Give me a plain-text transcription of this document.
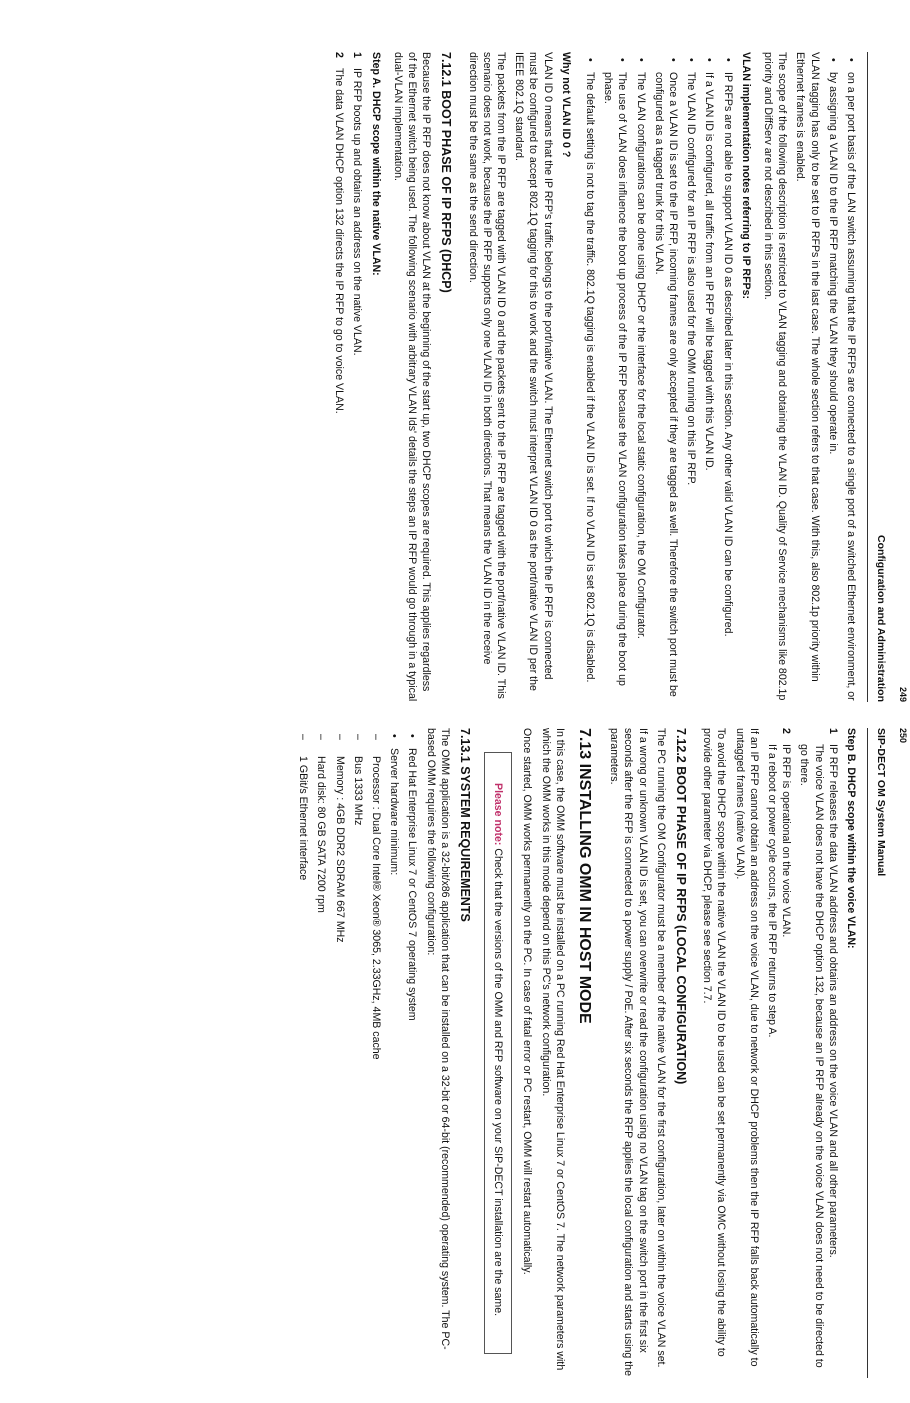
Configuration and Administration 249
• on a per port basis of the LAN switch assuming that the IP RFPs are connected to a single port of a switched Ethernet environment, or
• by assigning a VLAN ID to the IP RFP matching the VLAN they should operate in.

VLAN tagging has only to be set to IP RFPs in the last case. The whole section refers to that case. With this, also 802.1p priority within Ethernet frames is enabled.

The scope of the following description is restricted to VLAN tagging and obtaining the VLAN ID. Quality of Service mechanisms like 802.1p priority and DiffServ are not described in this section.

VLAN implementation notes referring to IP RFPs:

• IP RFPs are not able to support VLAN ID 0 as described later in this section. Any other valid VLAN ID can be configured.
• If a VLAN ID is configured, all traffic from an IP RFP will be tagged with this VLAN ID.
• The VLAN ID configured for an IP RFP is also used for the OMM running on this IP RFP.
• Once a VLAN ID is set to the IP RFP, incoming frames are only accepted if they are tagged as well. Therefore the switch port must be configured as a tagged trunk for this VLAN.
• The VLAN configurations can be done using DHCP or the interface for the local static configuration, the OM Configurator.
• The use of VLAN does influence the boot up process of the IP RFP because the VLAN configuration takes place during the boot up phase.
• The default setting is not to tag the traffic. 802.1Q tagging is enabled if the VLAN ID is set. If no VLAN ID is set 802.1Q is disabled.

Why not VLAN ID 0 ?

VLAN ID 0 means that the IP RFP's traffic belongs to the port/native VLAN. The Ethernet switch port to which the IP RFP is connected must be configured to accept 802.1Q tagging for this to work and the switch must interpret VLAN ID 0 as the port/native VLAN ID per the IEEE 802.1Q standard.

The packets from the IP RFP are tagged with VLAN ID 0 and the packets sent to the IP RFP are tagged with the port/native VLAN ID. This scenario does not work, because the IP RFP supports only one VLAN ID in both directions. That means the VLAN ID in the receive direction must be the same as the send direction.

7.12.1 BOOT PHASE OF IP RFPS (DHCP)

Because the IP RFP does not know about VLAN at the beginning of the start up, two DHCP scopes are required. This applies regardless of the Ethernet switch being used. The following scenario with arbitrary VLAN Ids' details the steps an IP RFP would go through in a typical dual-VLAN implementation.

Step A. DHCP scope within the native VLAN:
1
IP RFP boots up and obtains an address on the native VLAN.
2
The data VLAN DHCP option 132 directs the IP RFP to go to voice VLAN.
SIP-DECT OM System Manual 250
Step B. DHCP scope within the voice VLAN:
1
IP RFP releases the data VLAN address and obtains an address on the voice VLAN and all other parameters.
The voice VLAN does not have the DHCP option 132, because an IP RFP already on the voice VLAN does not need to be directed to go there.
2
IP RFP is operational on the voice VLAN.
If a reboot or power cycle occurs, the IP RFP returns to step A.

If an IP RFP cannot obtain an address on the voice VLAN, due to network or DHCP problems then the IP RFP falls back automatically to untagged frames (native VLAN).

To avoid the DHCP scope within the native VLAN the VLAN ID to be used can be set permanently via OMC without losing the ability to provide other parameter via DHCP, please see section 7.7.

7.12.2 BOOT PHASE OF IP RFPS (LOCAL CONFIGURATION)

The PC running the OM Configurator must be a member of the native VLAN for the first configuration, later on within the voice VLAN set.

If a wrong or unknown VLAN ID is set, you can overwrite or read the configuration using no VLAN tag on the switch port in the first six seconds after the RFP is connected to a power supply / PoE. After six seconds the RFP applies the local configuration and starts using the parameters.

7.13 INSTALLING OMM IN HOST MODE

In this case, the OMM software must be installed on a PC running Red Hat Enterprise Linux 7 or CentOS 7. The network parameters with which the OMM works in this mode depend on this PC's network configuration.

Once started, OMM works permanently on the PC. In case of fatal error or PC restart, OMM will restart automatically.

Please note: Check that the versions of the OMM and RFP software on your SIP-DECT installation are the same.
7.13.1 SYSTEM REQUIREMENTS

The OMM application is a 32-bit/x86 application that can be installed on a 32-bit or 64-bit (recommended) operating system. The PC-based OMM requires the following configuration:

• Red Hat Enterprise Linux 7 or CentOS 7 operating system
• Server hardware minimum:
– Processor : Dual Core Intel® Xeon® 3065, 2.33GHz, 4MB cache
– Bus 1333 MHz
– Memory : 4GB DDR2 SDRAM 667 MHz
– Hard disk: 80 GB SATA 7200 rpm
– 1 GBit/s Ethernet interface
